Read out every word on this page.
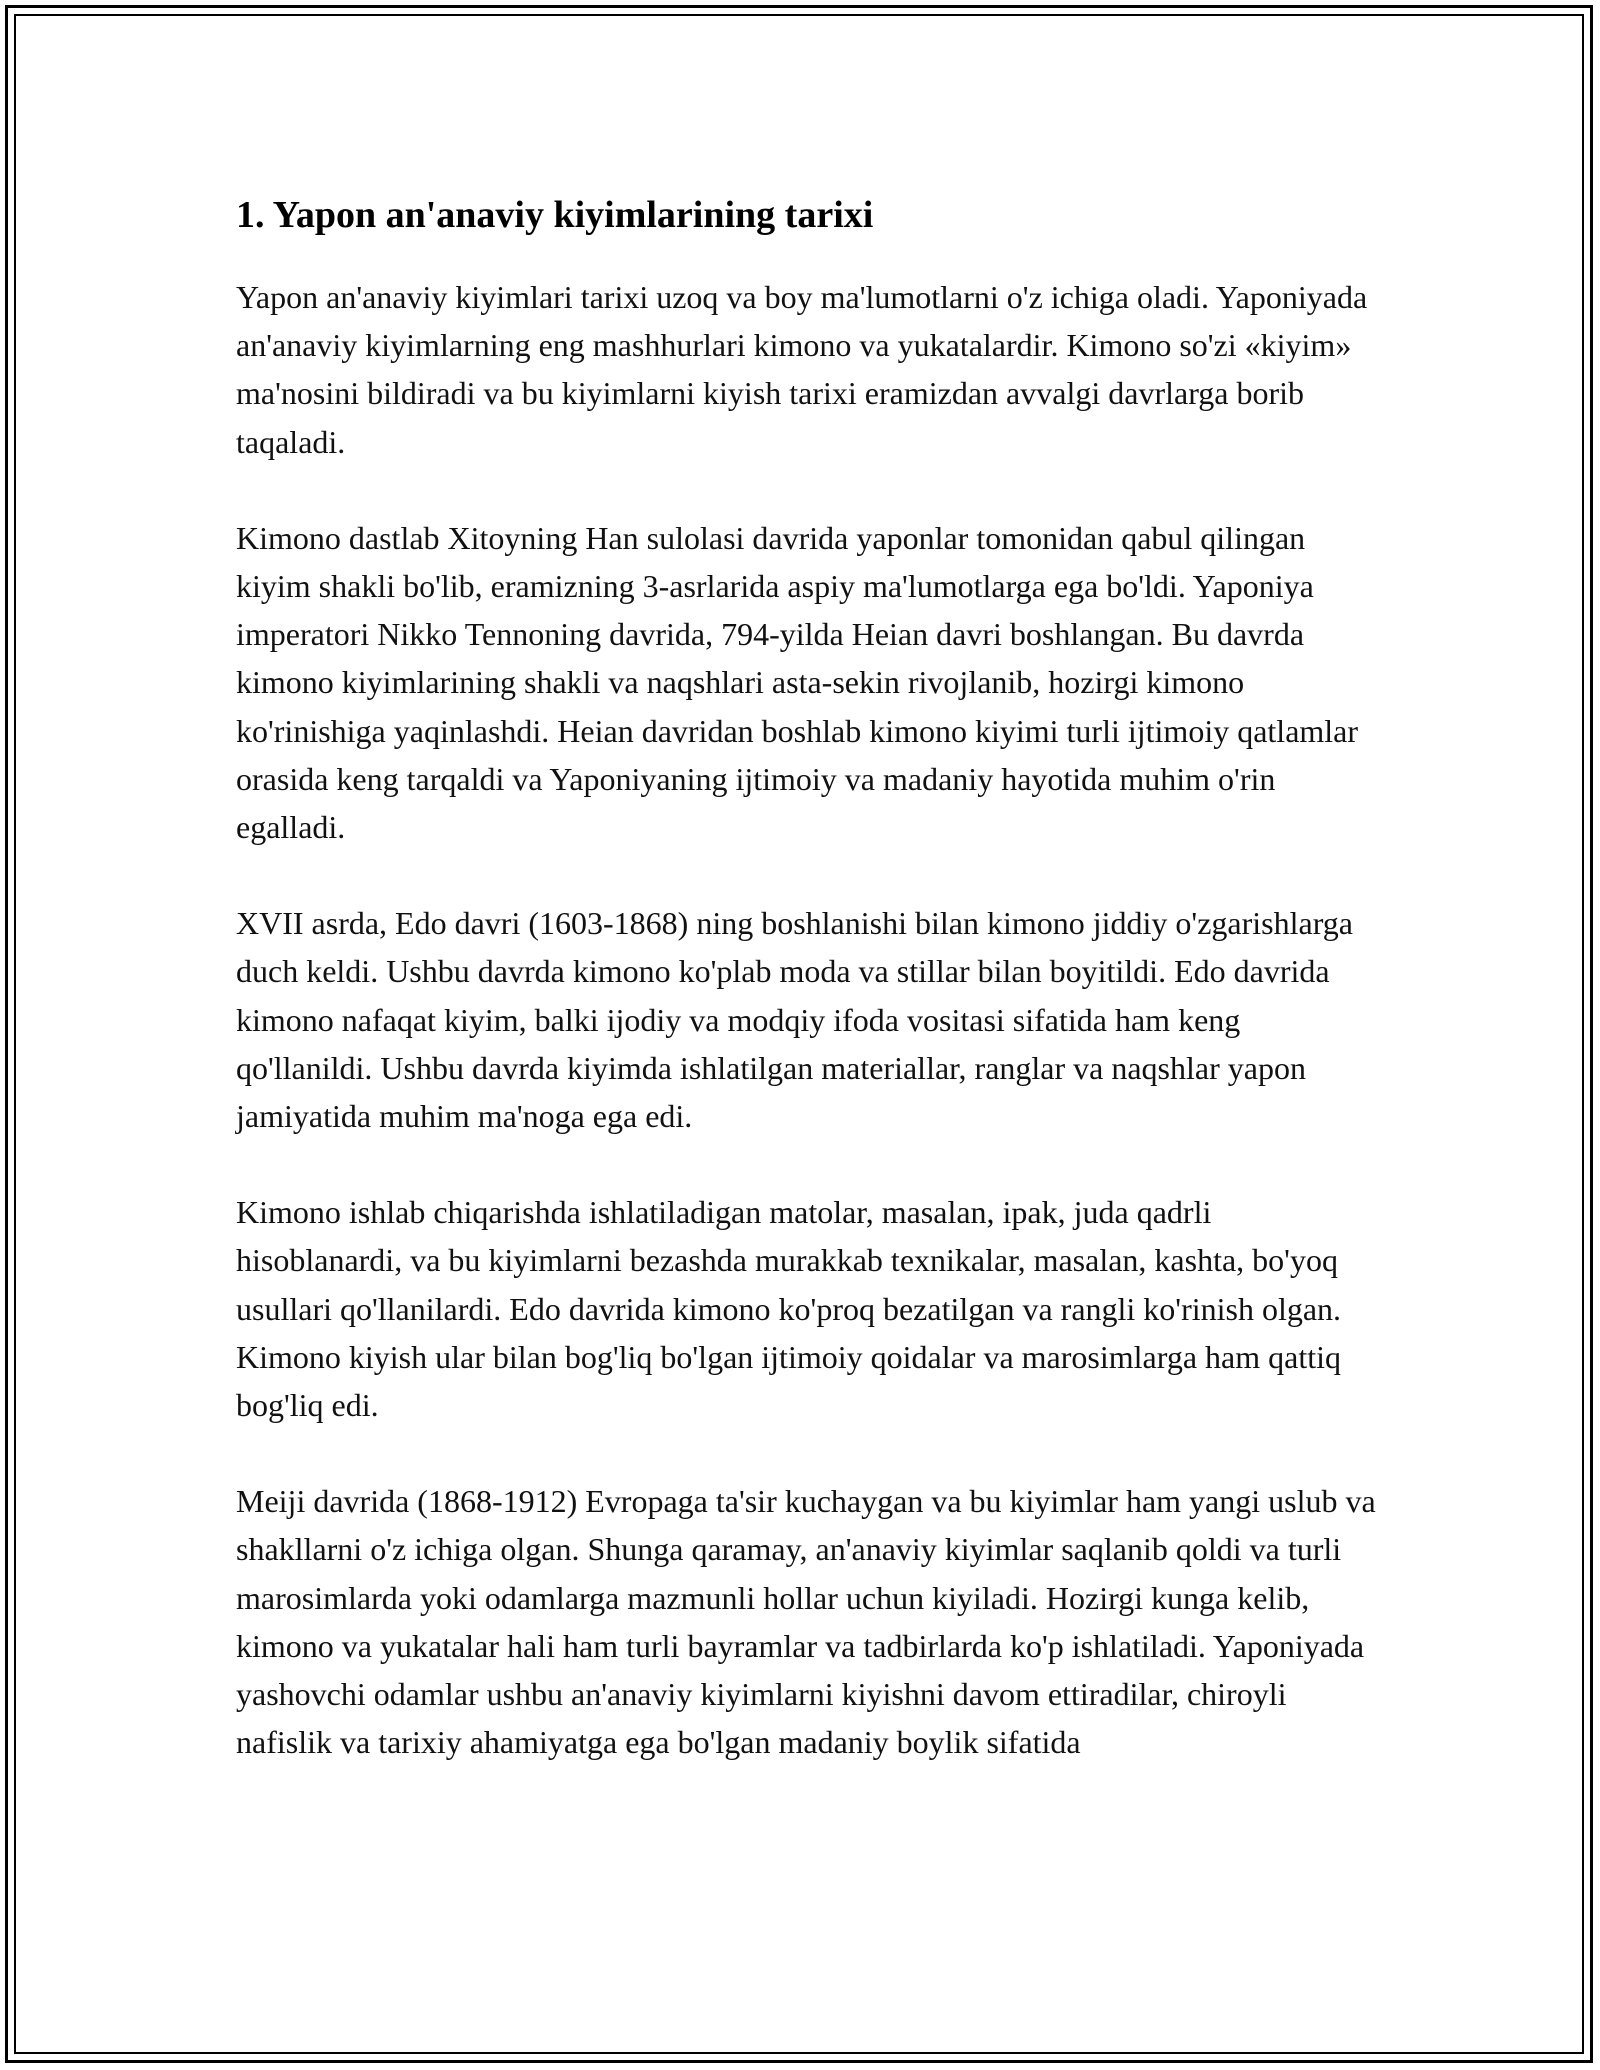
1. Yapon an'anaviy kiyimlarining tarixi

Yapon an'anaviy kiyimlari tarixi uzoq va boy ma'lumotlarni o'z ichiga oladi. Yaponiyada an'anaviy kiyimlarning eng mashhurlari kimono va yukatalardir. Kimono so'zi «kiyim» ma'nosini bildiradi va bu kiyimlarni kiyish tarixi eramizdan avvalgi davrlarga borib taqaladi.

Kimono dastlab Xitoyning Han sulolasi davrida yaponlar tomonidan qabul qilingan kiyim shakli bo'lib, eramizning 3-asrlarida aspiy ma'lumotlarga ega bo'ldi. Yaponiya imperatori Nikko Tennoning davrida, 794-yilda Heian davri boshlangan. Bu davrda kimono kiyimlarining shakli va naqshlari asta-sekin rivojlanib, hozirgi kimono ko'rinishiga yaqinlashdi. Heian davridan boshlab kimono kiyimi turli ijtimoiy qatlamlar orasida keng tarqaldi va Yaponiyaning ijtimoiy va madaniy hayotida muhim o'rin egalladi.

XVII asrda, Edo davri (1603-1868) ning boshlanishi bilan kimono jiddiy o'zgarishlarga duch keldi. Ushbu davrda kimono ko'plab moda va stillar bilan boyitildi. Edo davrida kimono nafaqat kiyim, balki ijodiy va modqiy ifoda vositasi sifatida ham keng qo'llanildi. Ushbu davrda kiyimda ishlatilgan materiallar, ranglar va naqshlar yapon jamiyatida muhim ma'noga ega edi.

Kimono ishlab chiqarishda ishlatiladigan matolar, masalan, ipak, juda qadrli hisoblanardi, va bu kiyimlarni bezashda murakkab texnikalar, masalan, kashta, bo'yoq usullari qo'llanilardi. Edo davrida kimono ko'proq bezatilgan va rangli ko'rinish olgan. Kimono kiyish ular bilan bog'liq bo'lgan ijtimoiy qoidalar va marosimlarga ham qattiq bog'liq edi.

Meiji davrida (1868-1912) Evropaga ta'sir kuchaygan va bu kiyimlar ham yangi uslub va shakllarni o'z ichiga olgan. Shunga qaramay, an'anaviy kiyimlar saqlanib qoldi va turli marosimlarda yoki odamlarga mazmunli hollar uchun kiyiladi. Hozirgi kunga kelib, kimono va yukatalar hali ham turli bayramlar va tadbirlarda ko'p ishlatiladi. Yaponiyada yashovchi odamlar ushbu an'anaviy kiyimlarni kiyishni davom ettiradilar, chiroyli nafislik va tarixiy ahamiyatga ega bo'lgan madaniy boylik sifatida
